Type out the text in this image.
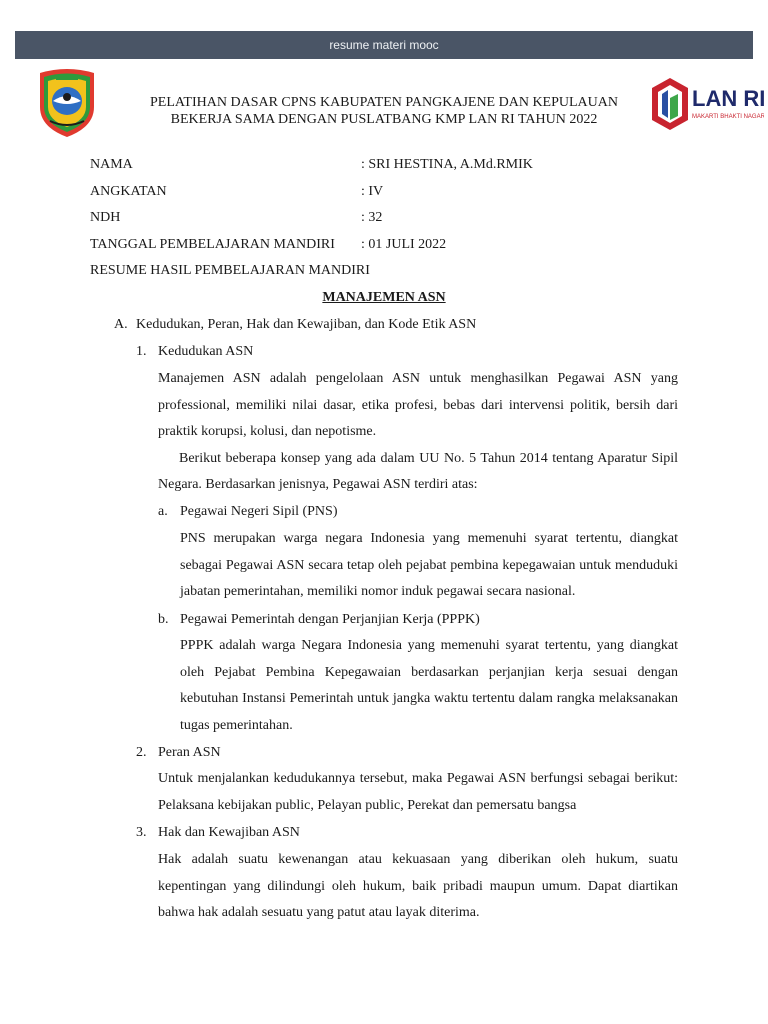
resume materi mooc
PELATIHAN DASAR CPNS KABUPATEN PANGKAJENE DAN KEPULAUAN
BEKERJA SAMA DENGAN PUSLATBANG KMP LAN RI TAHUN 2022
LAN RI
MAKARTI BHAKTI NAGARI
NAMA	: SRI HESTINA, A.Md.RMIK
ANGKATAN	: IV
NDH	: 32
TANGGAL PEMBELAJARAN MANDIRI : 01 JULI 2022
RESUME HASIL PEMBELAJARAN MANDIRI
MANAJEMEN ASN
A. Kedudukan, Peran, Hak dan Kewajiban, dan Kode Etik ASN
1. Kedudukan ASN

Manajemen ASN adalah pengelolaan ASN untuk menghasilkan Pegawai ASN yang professional, memiliki nilai dasar, etika profesi, bebas dari intervensi politik, bersih dari praktik korupsi, kolusi, dan nepotisme.

Berikut beberapa konsep yang ada dalam UU No. 5 Tahun 2014 tentang Aparatur Sipil Negara. Berdasarkan jenisnya, Pegawai ASN terdiri atas:

a. Pegawai Negeri Sipil (PNS)
PNS merupakan warga negara Indonesia yang memenuhi syarat tertentu, diangkat sebagai Pegawai ASN secara tetap oleh pejabat pembina kepegawaian untuk menduduki jabatan pemerintahan, memiliki nomor induk pegawai secara nasional.
b. Pegawai Pemerintah dengan Perjanjian Kerja (PPPK)
PPPK adalah warga Negara Indonesia yang memenuhi syarat tertentu, yang diangkat oleh Pejabat Pembina Kepegawaian berdasarkan perjanjian kerja sesuai dengan kebutuhan Instansi Pemerintah untuk jangka waktu tertentu dalam rangka melaksanakan tugas pemerintahan.
2. Peran ASN
Untuk menjalankan kedudukannya tersebut, maka Pegawai ASN berfungsi sebagai berikut: Pelaksana kebijakan public, Pelayan public, Perekat dan pemersatu bangsa
3. Hak dan Kewajiban ASN
Hak adalah suatu kewenangan atau kekuasaan yang diberikan oleh hukum, suatu kepentingan yang dilindungi oleh hukum, baik pribadi maupun umum. Dapat diartikan bahwa hak adalah sesuatu yang patut atau layak diterima.
